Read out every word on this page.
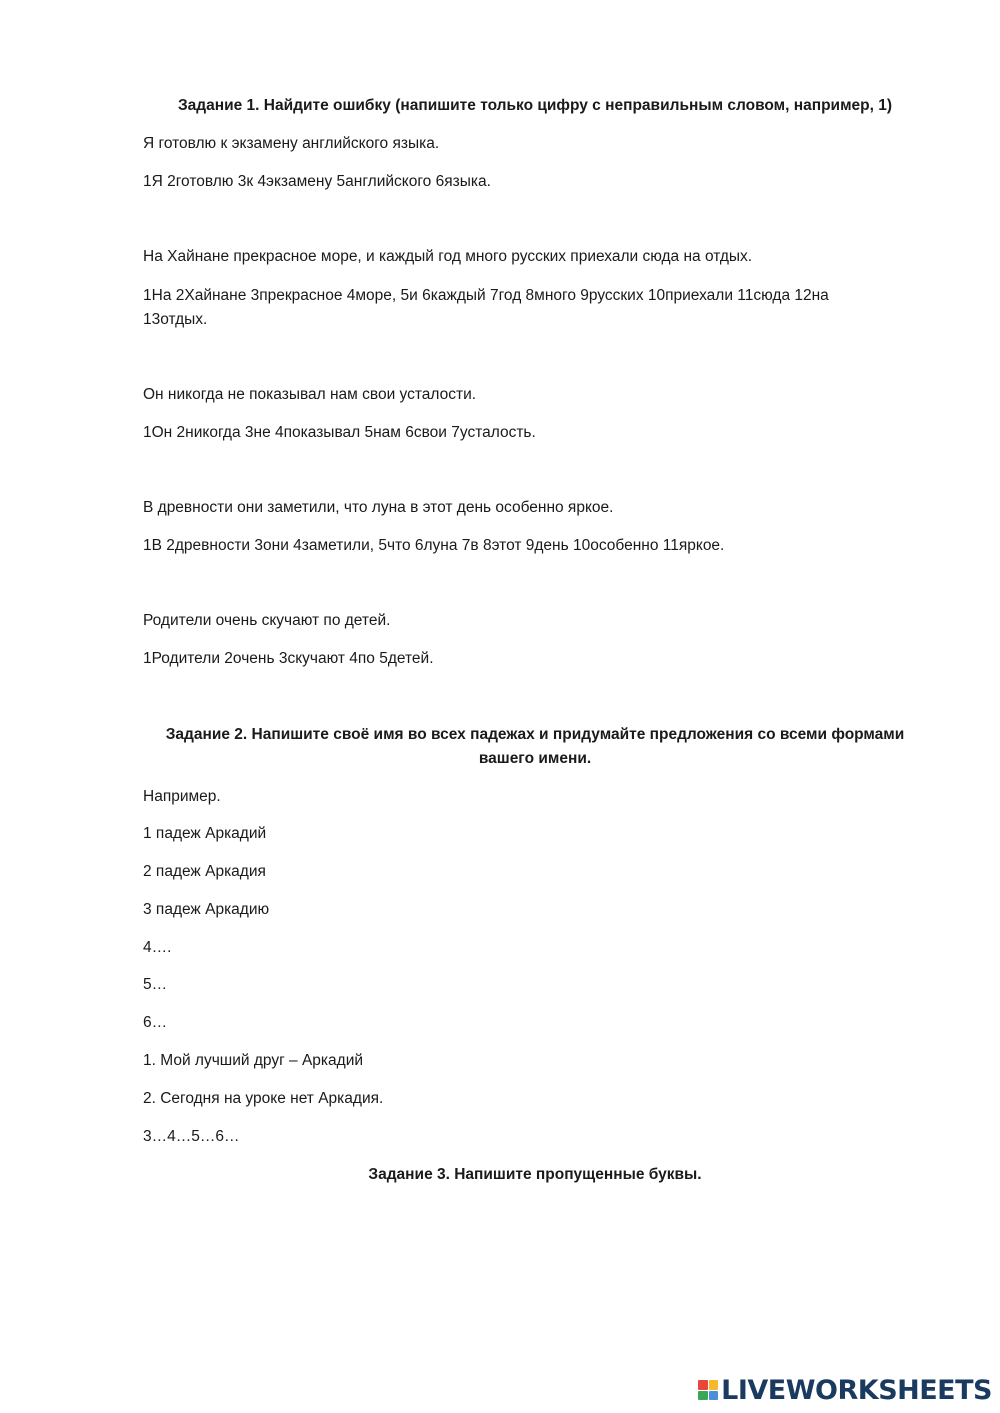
Задание 1. Найдите ошибку (напишите только цифру с неправильным словом, например, 1)
Я готовлю к экзамену английского языка.
1Я 2готовлю 3к 4экзамену 5английского 6языка.
На Хайнане прекрасное море, и каждый год много русских приехали сюда на отдых.
1На 2Хайнане 3прекрасное 4море, 5и 6каждый 7год 8много 9русских 10приехали 11сюда 12на
13отдых.
Он никогда не показывал нам свои усталости.
1Он 2никогда 3не 4показывал 5нам 6свои 7усталость.
В древности они заметили, что луна в этот день особенно яркое.
1В 2древности 3они 4заметили, 5что 6луна 7в 8этот 9день 10особенно 11яркое.
Родители очень скучают по детей.
1Родители 2очень 3скучают 4по 5детей.
Задание 2. Напишите своё имя во всех падежах и придумайте предложения со всеми формами
вашего имени.
Например.
1 падеж Аркадий
2 падеж Аркадия
3 падеж Аркадию
4….
5…
6…
1. Мой лучший друг – Аркадий
2. Сегодня на уроке нет Аркадия.
3…4…5…6…
Задание 3. Напишите пропущенные буквы.
LIVEWORKSHEETS
